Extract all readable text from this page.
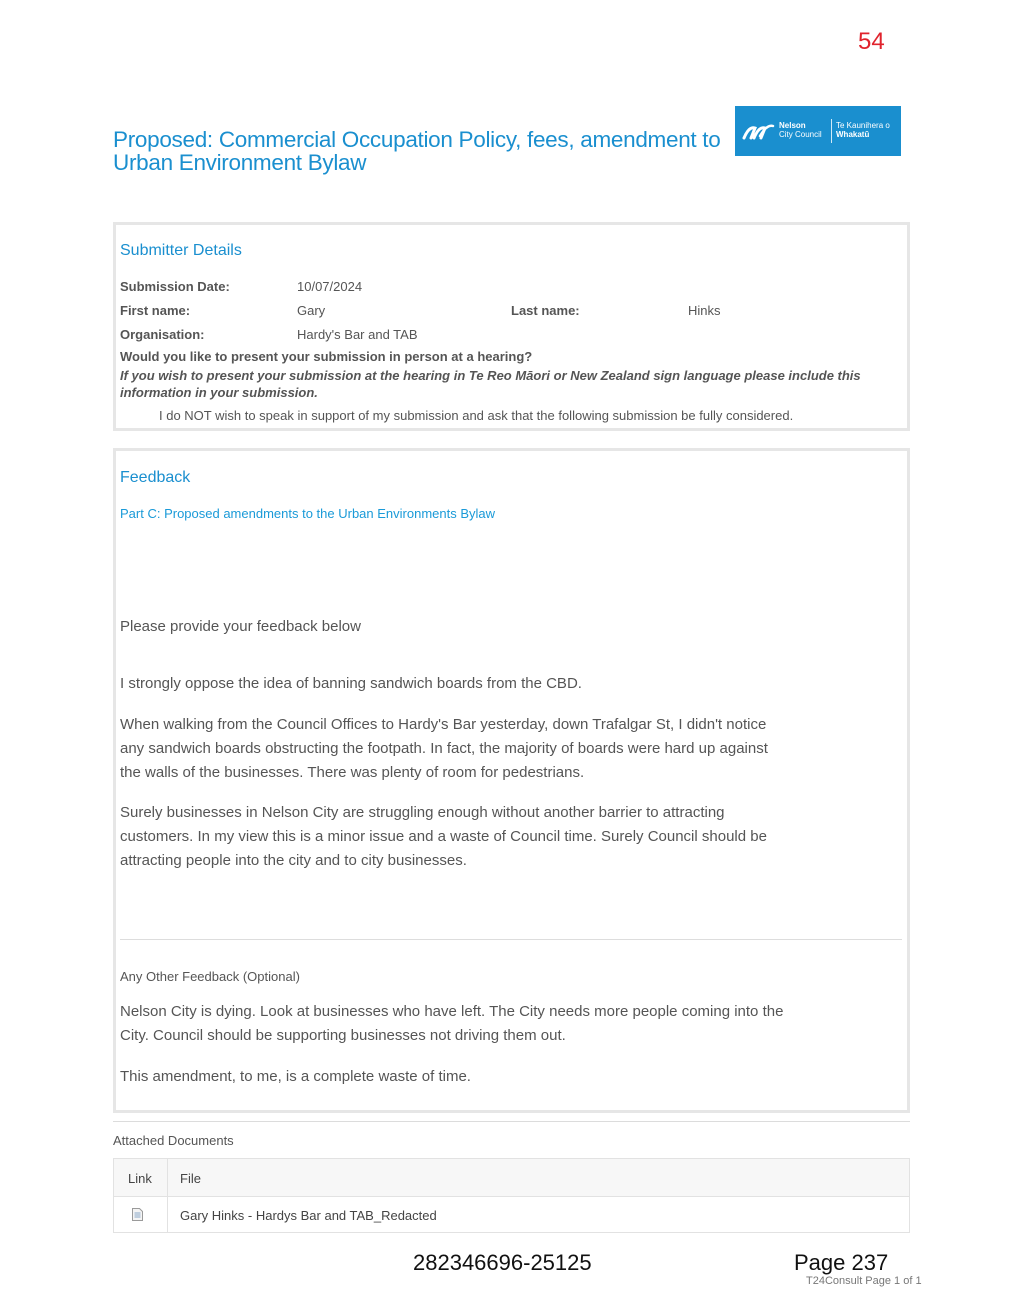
54
Proposed: Commercial Occupation Policy, fees, amendment to Urban Environment Bylaw
Nelson
City Council
Te Kaunihera o
Whakatū
Submitter Details
Submission Date:	10/07/2024
First name:	Gary	Last name:	Hinks
Organisation:	Hardy's Bar and TAB
Would you like to present your submission in person at a hearing?
If you wish to present your submission at the hearing in Te Reo Māori or New Zealand sign language please include this information in your submission.
I do NOT wish to speak in support of my submission and ask that the following submission be fully considered.
Feedback
Part C: Proposed amendments to the Urban Environments Bylaw
Please provide your feedback below
I strongly oppose the idea of banning sandwich boards from the CBD.
When walking from the Council Offices to Hardy's Bar yesterday, down Trafalgar St, I didn't notice
any sandwich boards obstructing the footpath. In fact, the majority of boards were hard up against
the walls of the businesses. There was plenty of room for pedestrians.
Surely businesses in Nelson City are struggling enough without another barrier to attracting
customers. In my view this is a minor issue and a waste of Council time. Surely Council should be
attracting people into the city and to city businesses.
Any Other Feedback (Optional)
Nelson City is dying. Look at businesses who have left. The City needs more people coming into the
City. Council should be supporting businesses not driving them out.
This amendment, to me, is a complete waste of time.
Attached Documents
Link File
Gary Hinks - Hardys Bar and TAB_Redacted
282346696-25125	Page 237
T24Consult Page 1 of 1
